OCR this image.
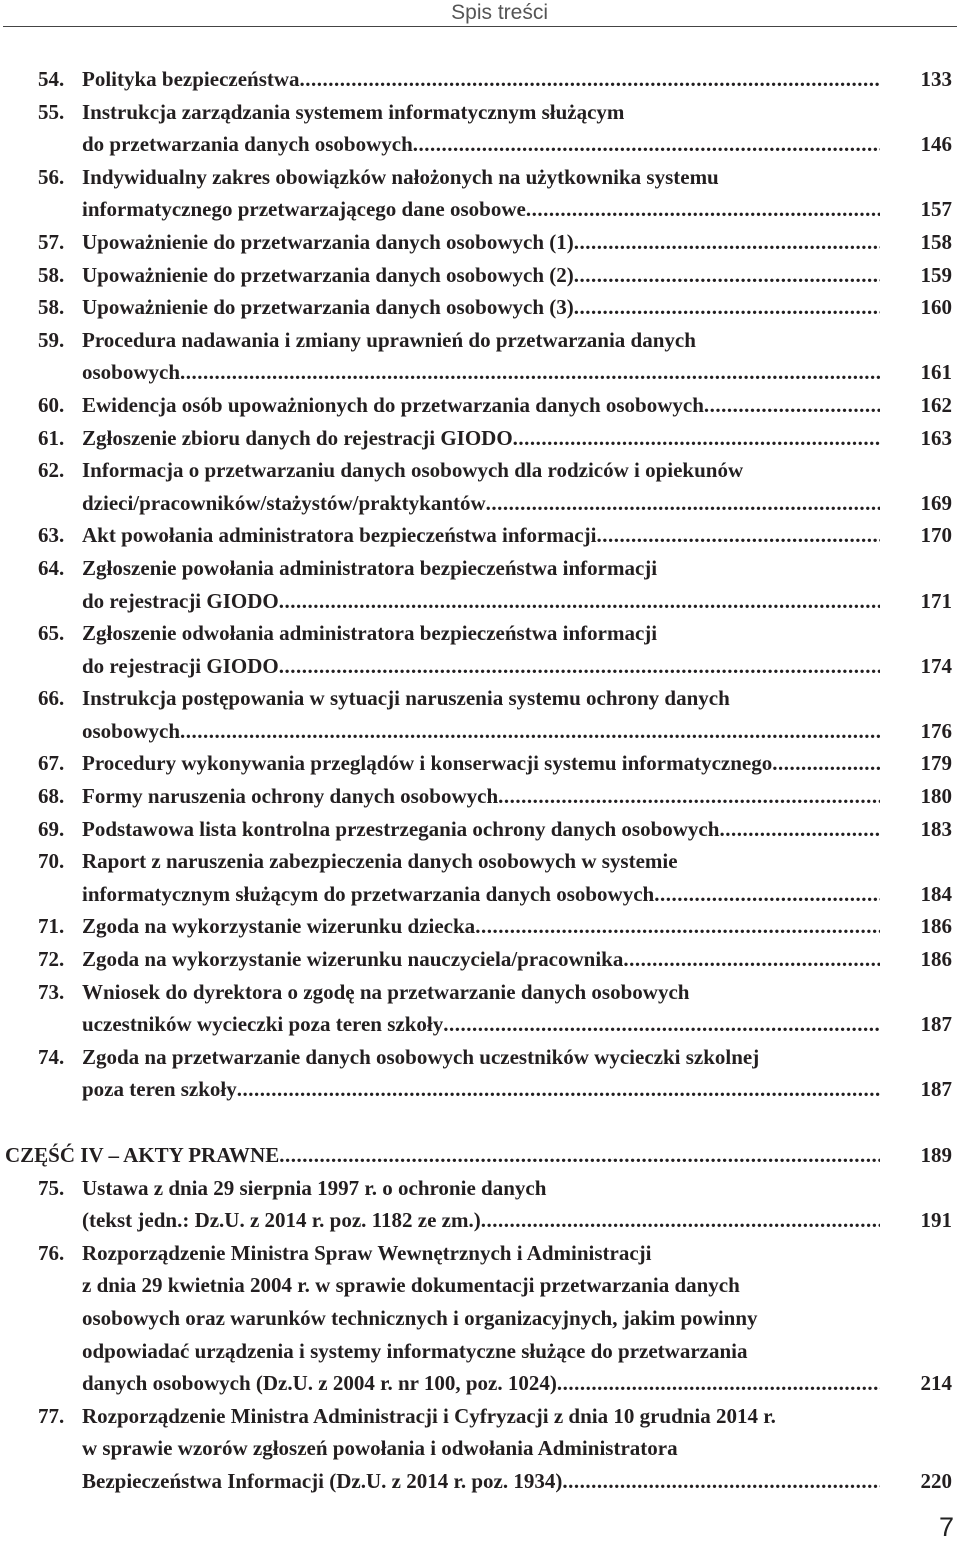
Spis treści
54. Polityka bezpieczeństwa .....	133
55. Instrukcja zarządzania systemem informatycznym służącym
do przetwarzania danych osobowych .....	146
56. Indywidualny zakres obowiązków nałożonych na użytkownika systemu
informatycznego przetwarzającego dane osobowe .....	157
57. Upoważnienie do przetwarzania danych osobowych (1) .....	158
58. Upoważnienie do przetwarzania danych osobowych (2) .....	159
58. Upoważnienie do przetwarzania danych osobowych (3) .....	160
59. Procedura nadawania i zmiany uprawnień do przetwarzania danych
osobowych .....	161
60. Ewidencja osób upoważnionych do przetwarzania danych osobowych .....	162
61. Zgłoszenie zbioru danych do rejestracji GIODO .....	163
62. Informacja o przetwarzaniu danych osobowych dla rodziców i opiekunów
dzieci/pracowników/stażystów/praktykantów .....	169
63. Akt powołania administratora bezpieczeństwa informacji .....	170
64. Zgłoszenie powołania administratora bezpieczeństwa informacji
do rejestracji GIODO .....	171
65. Zgłoszenie odwołania administratora bezpieczeństwa informacji
do rejestracji GIODO .....	174
66. Instrukcja postępowania w sytuacji naruszenia systemu ochrony danych
osobowych .....	176
67. Procedury wykonywania przeglądów i konserwacji systemu informatycznego .....	179
68. Formy naruszenia ochrony danych osobowych .....	180
69. Podstawowa lista kontrolna przestrzegania ochrony danych osobowych .....	183
70. Raport z naruszenia zabezpieczenia danych osobowych w systemie
informatycznym służącym do przetwarzania danych osobowych .....	184
71. Zgoda na wykorzystanie wizerunku dziecka .....	186
72. Zgoda na wykorzystanie wizerunku nauczyciela/pracownika .....	186
73. Wniosek do dyrektora o zgodę na przetwarzanie danych osobowych
uczestników wycieczki poza teren szkoły .....	187
74. Zgoda na przetwarzanie danych osobowych uczestników wycieczki szkolnej
poza teren szkoły .....	187
CZĘŚĆ IV – AKTY PRAWNE .....	189
75. Ustawa z dnia 29 sierpnia 1997 r. o ochronie danych
(tekst jedn.: Dz.U. z 2014 r. poz. 1182 ze zm.) .....	191
76. Rozporządzenie Ministra Spraw Wewnętrznych i Administracji
z dnia 29 kwietnia 2004 r. w sprawie dokumentacji przetwarzania danych
osobowych oraz warunków technicznych i organizacyjnych, jakim powinny
odpowiadać urządzenia i systemy informatyczne służące do przetwarzania
danych osobowych (Dz.U. z 2004 r. nr 100, poz. 1024) .....	214
77. Rozporządzenie Ministra Administracji i Cyfryzacji z dnia 10 grudnia 2014 r.
w sprawie wzorów zgłoszeń powołania i odwołania Administratora
Bezpieczeństwa Informacji (Dz.U. z 2014 r. poz. 1934) .....	220
7
